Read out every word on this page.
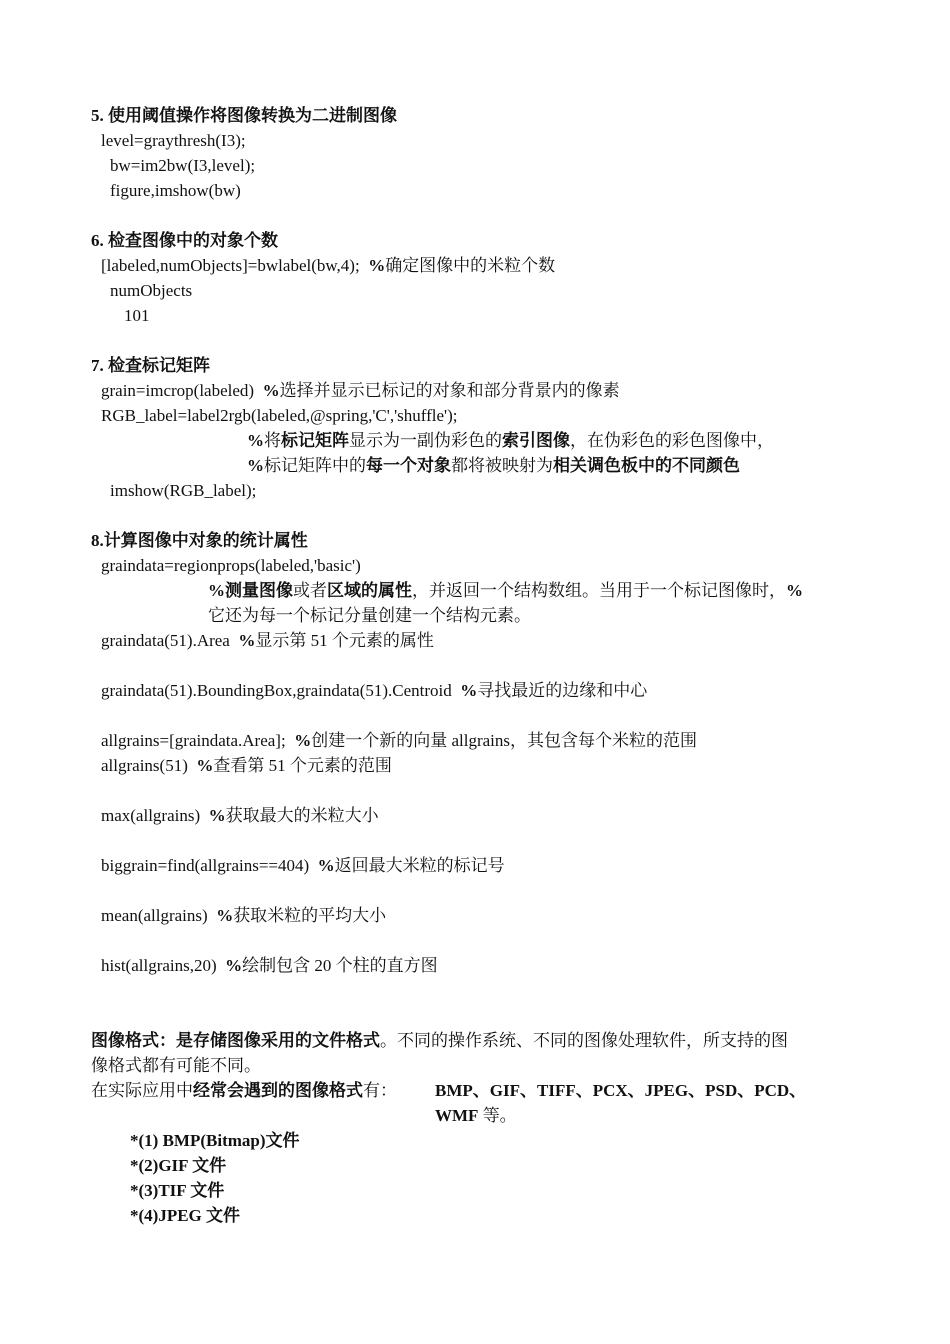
5. 使用阈值操作将图像转换为二进制图像
level=graythresh(I3);
bw=im2bw(I3,level);
figure,imshow(bw)
6. 检查图像中的对象个数
[labeled,numObjects]=bwlabel(bw,4); %确定图像中的米粒个数
numObjects
101
7. 检查标记矩阵
grain=imcrop(labeled) %选择并显示已标记的对象和部分背景内的像素
RGB_label=label2rgb(labeled,@spring,'C','shuffle');
%将标记矩阵显示为一副伪彩色的索引图像，在伪彩色的彩色图像中，
%标记矩阵中的每一个对象都将被映射为相关调色板中的不同颜色
imshow(RGB_label);
8.计算图像中对象的统计属性
graindata=regionprops(labeled,'basic')
%测量图像或者区域的属性，并返回一个结构数组。当用于一个标记图像时，%
它还为每一个标记分量创建一个结构元素。
graindata(51).Area %显示第 51 个元素的属性
graindata(51).BoundingBox,graindata(51).Centroid %寻找最近的边缘和中心
allgrains=[graindata.Area]; %创建一个新的向量 allgrains，其包含每个米粒的范围
allgrains(51) %查看第 51 个元素的范围
max(allgrains) %获取最大的米粒大小
biggrain=find(allgrains==404) %返回最大米粒的标记号
mean(allgrains) %获取米粒的平均大小
hist(allgrains,20) %绘制包含 20 个柱的直方图
图像格式：是存储图像采用的文件格式。不同的操作系统、不同的图像处理软件，所支持的图
像格式都有可能不同。
在实际应用中经常会遇到的图像格式有： BMP、GIF、TIFF、PCX、JPEG、PSD、PCD、
WMF 等。
*(1) BMP(Bitmap)文件
*(2)GIF 文件
*(3)TIF 文件
*(4)JPEG 文件
